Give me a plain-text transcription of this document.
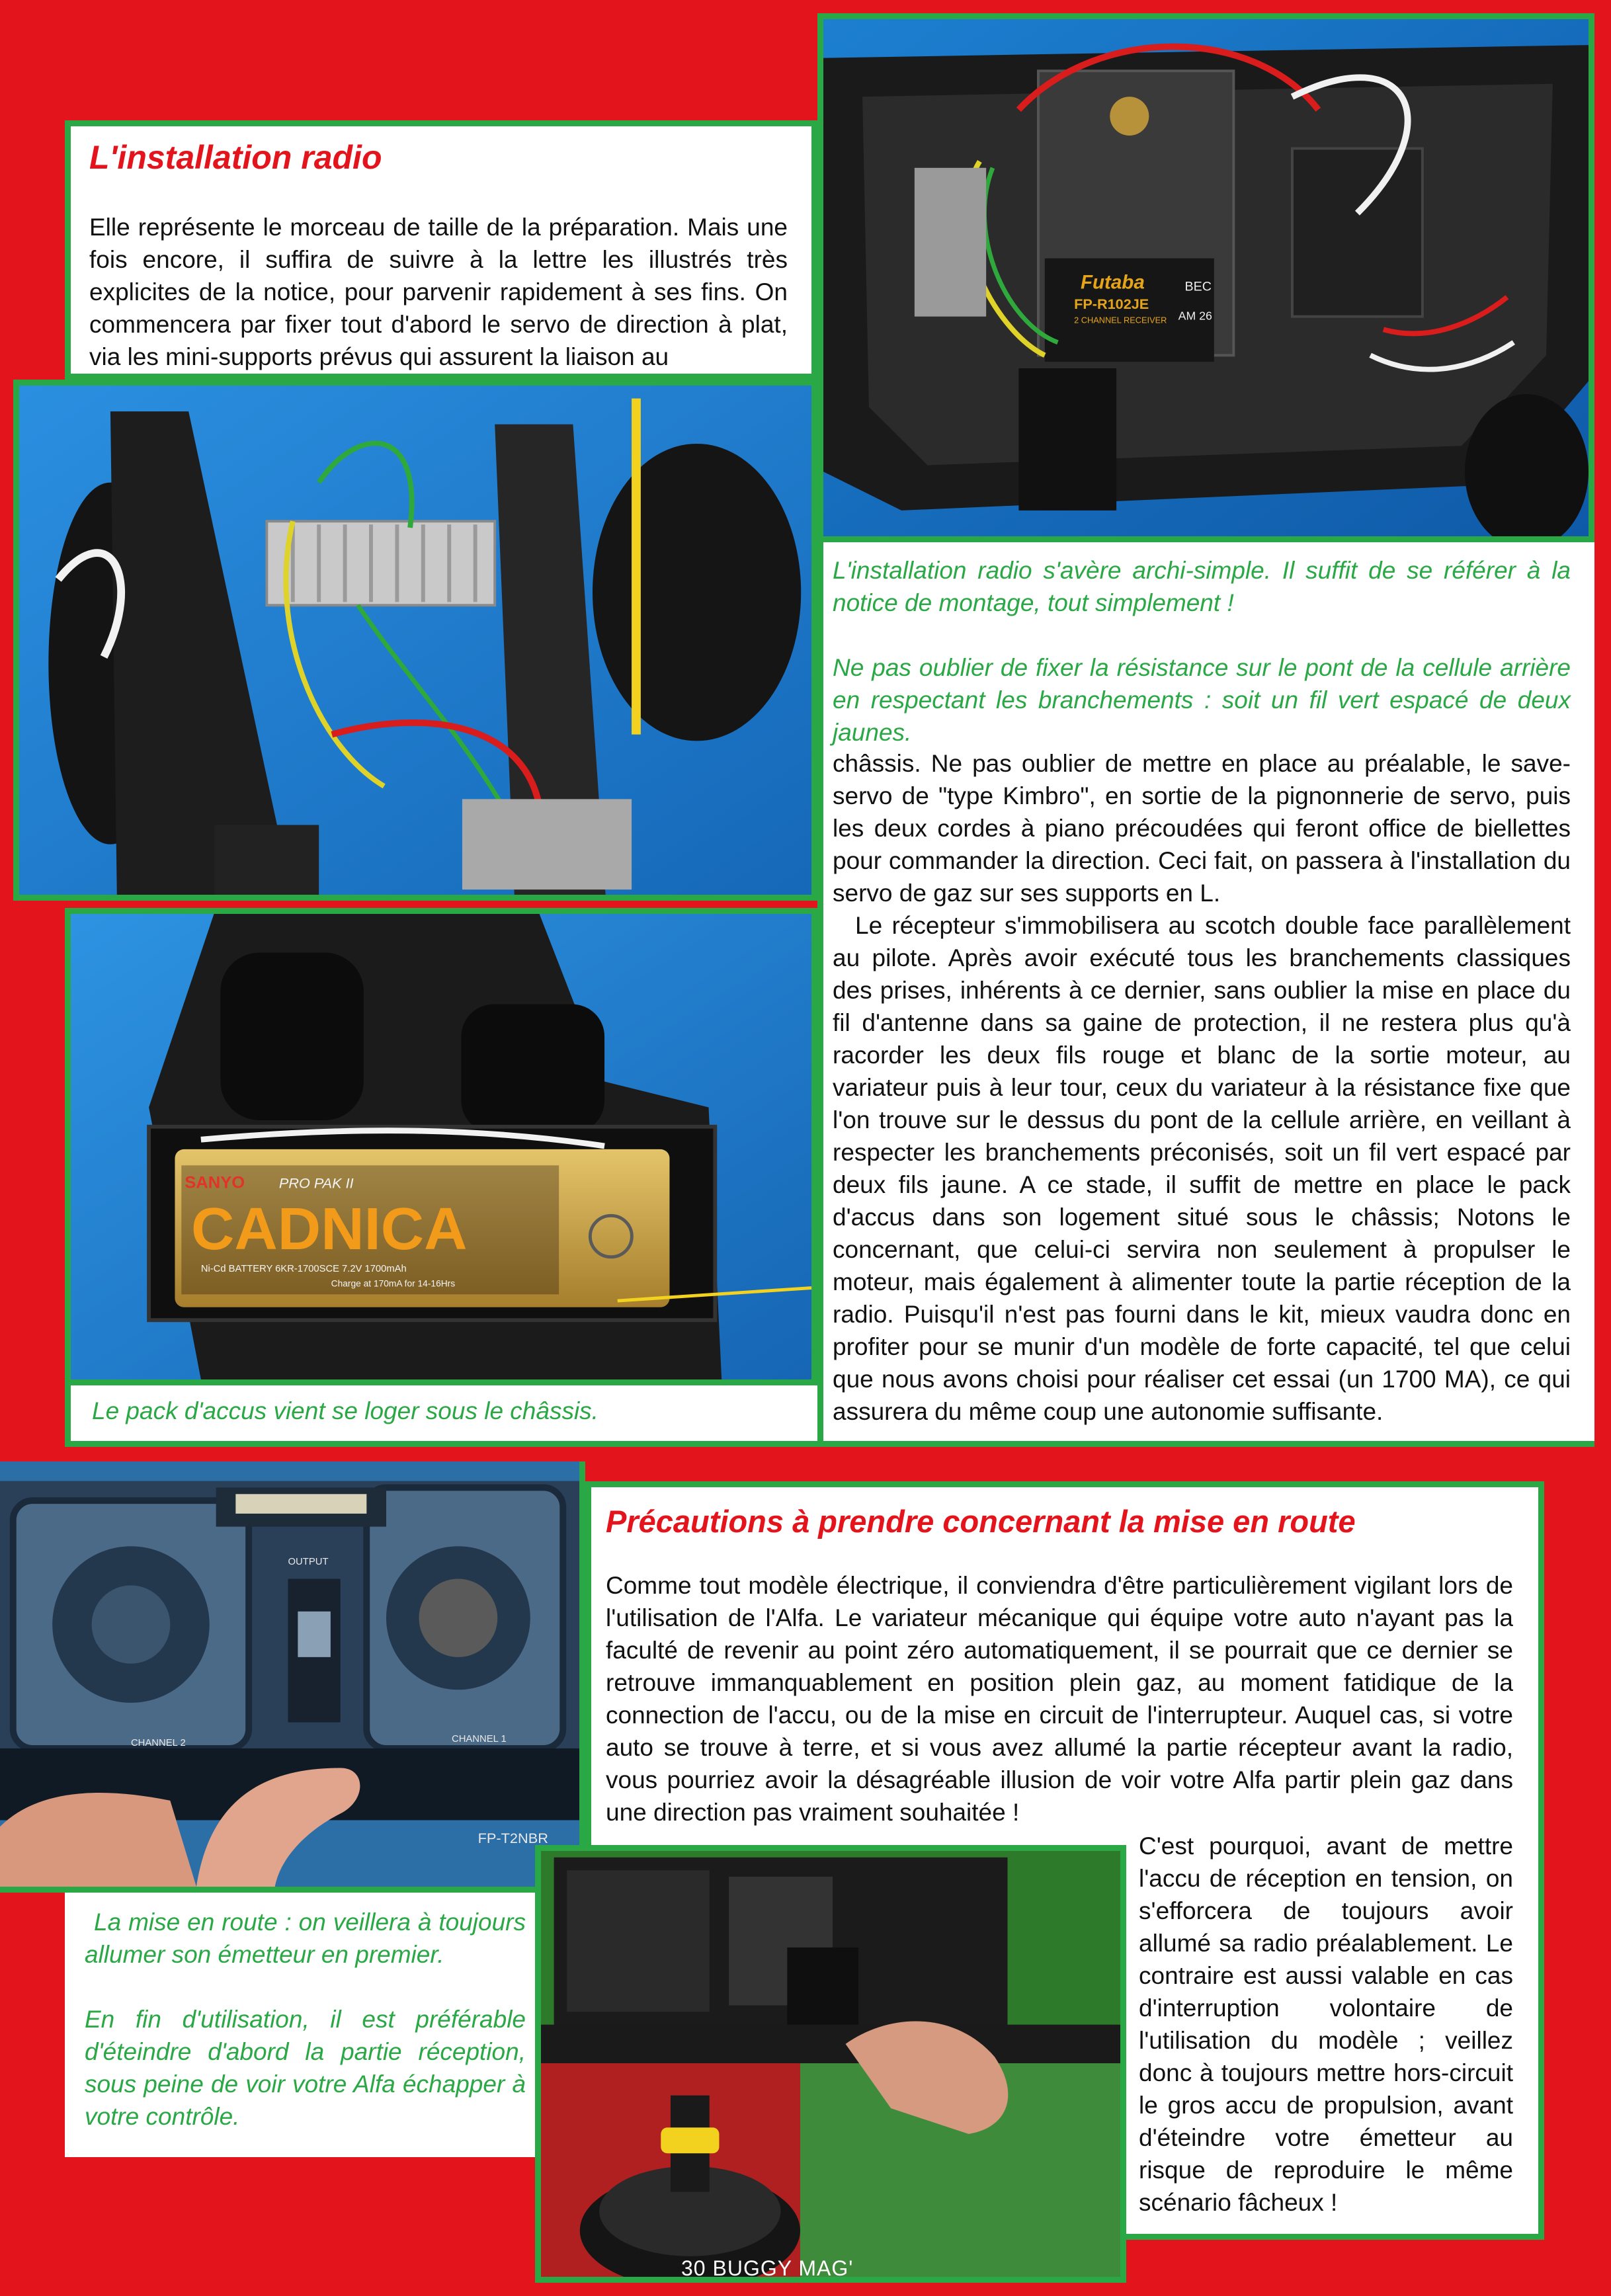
Futaba
FP-R102JE
2 CHANNEL RECEIVER
BEC
AM 26
L'installation radio
Elle représente le morceau de taille de la préparation. Mais une fois encore, il suffira de suivre à la lettre les illustrés très explicites de la notice, pour parvenir rapidement à ses fins. On commencera par fixer tout d'abord le servo de direction à plat, via les mini-supports prévus qui assurent la liaison au

L'installation radio s'avère archi-simple. Il suffit de se référer à la notice de montage, tout simplement !

Ne pas oublier de fixer la résistance sur le pont de la cellule arrière en respectant les branchements : soit un fil vert espacé de deux jaunes.

châssis. Ne pas oublier de mettre en place au préalable, le save-servo de "type Kimbro", en sortie de la pignonnerie de servo, puis les deux cordes à piano précoudées qui feront office de biellettes pour commander la direction. Ceci fait, on passera à l'installation du servo de gaz sur ses supports en L.

Le récepteur s'immobilisera au scotch double face parallèlement au pilote. Après avoir exécuté tous les branchements classiques des prises, inhérents à ce dernier, sans oublier la mise en place du fil d'antenne dans sa gaine de protection, il ne restera plus qu'à racorder les deux fils rouge et blanc de la sortie moteur, au variateur puis à leur tour, ceux du variateur à la résistance fixe que l'on trouve sur le dessus du pont de la cellule arrière, en veillant à respecter les branchements préconisés, soit un fil vert espacé par deux fils jaune. A ce stade, il suffit de mettre en place le pack d'accus dans son logement situé sous le châssis; Notons le concernant, que celui-ci servira non seulement à propulser le moteur, mais également à alimenter toute la partie réception de la radio. Puisqu'il n'est pas fourni dans le kit, mieux vaudra donc en profiter pour se munir d'un modèle de forte capacité, tel que celui que nous avons choisi pour réaliser cet essai (un 1700 MA), ce qui assurera du même coup une autonomie suffisante.

SANYO PRO PAK II
CADNICA
Ni-Cd BATTERY 6KR-1700SCE 7.2V 1700mAh
Charge at 170mA for 14-16Hrs
Le pack d'accus vient se loger sous le châssis.
OUTPUT
CHANNEL 2	CHANNEL 1
FP-T2NBR
Précautions à prendre concernant la mise en route
Comme tout modèle électrique, il conviendra d'être particulièrement vigilant lors de l'utilisation de l'Alfa. Le variateur mécanique qui équipe votre auto n'ayant pas la faculté de revenir au point zéro automatiquement, il se pourrait que ce dernier se retrouve immanquablement en position plein gaz, au moment fatidique de la connection de l'accu, ou de la mise en circuit de l'interrupteur. Auquel cas, si votre auto se trouve à terre, et si vous avez allumé la partie récepteur avant la radio, vous pourriez avoir la désagréable illusion de voir votre Alfa partir plein gaz dans une direction pas vraiment souhaitée !
C'est pourquoi, avant de mettre l'accu de réception en tension, on s'efforcera de toujours avoir allumé sa radio préalablement. Le contraire est aussi valable en cas d'interruption volontaire de l'utilisation du modèle ; veillez donc à toujours mettre hors-circuit le gros accu de propulsion, avant d'éteindre votre émetteur au risque de reproduire le même scénario fâcheux !

La mise en route : on veillera à toujours allumer son émetteur en premier.

En fin d'utilisation, il est préférable d'éteindre d'abord la partie réception, sous peine de voir votre Alfa échapper à votre contrôle.

30 BUGGY MAG'
